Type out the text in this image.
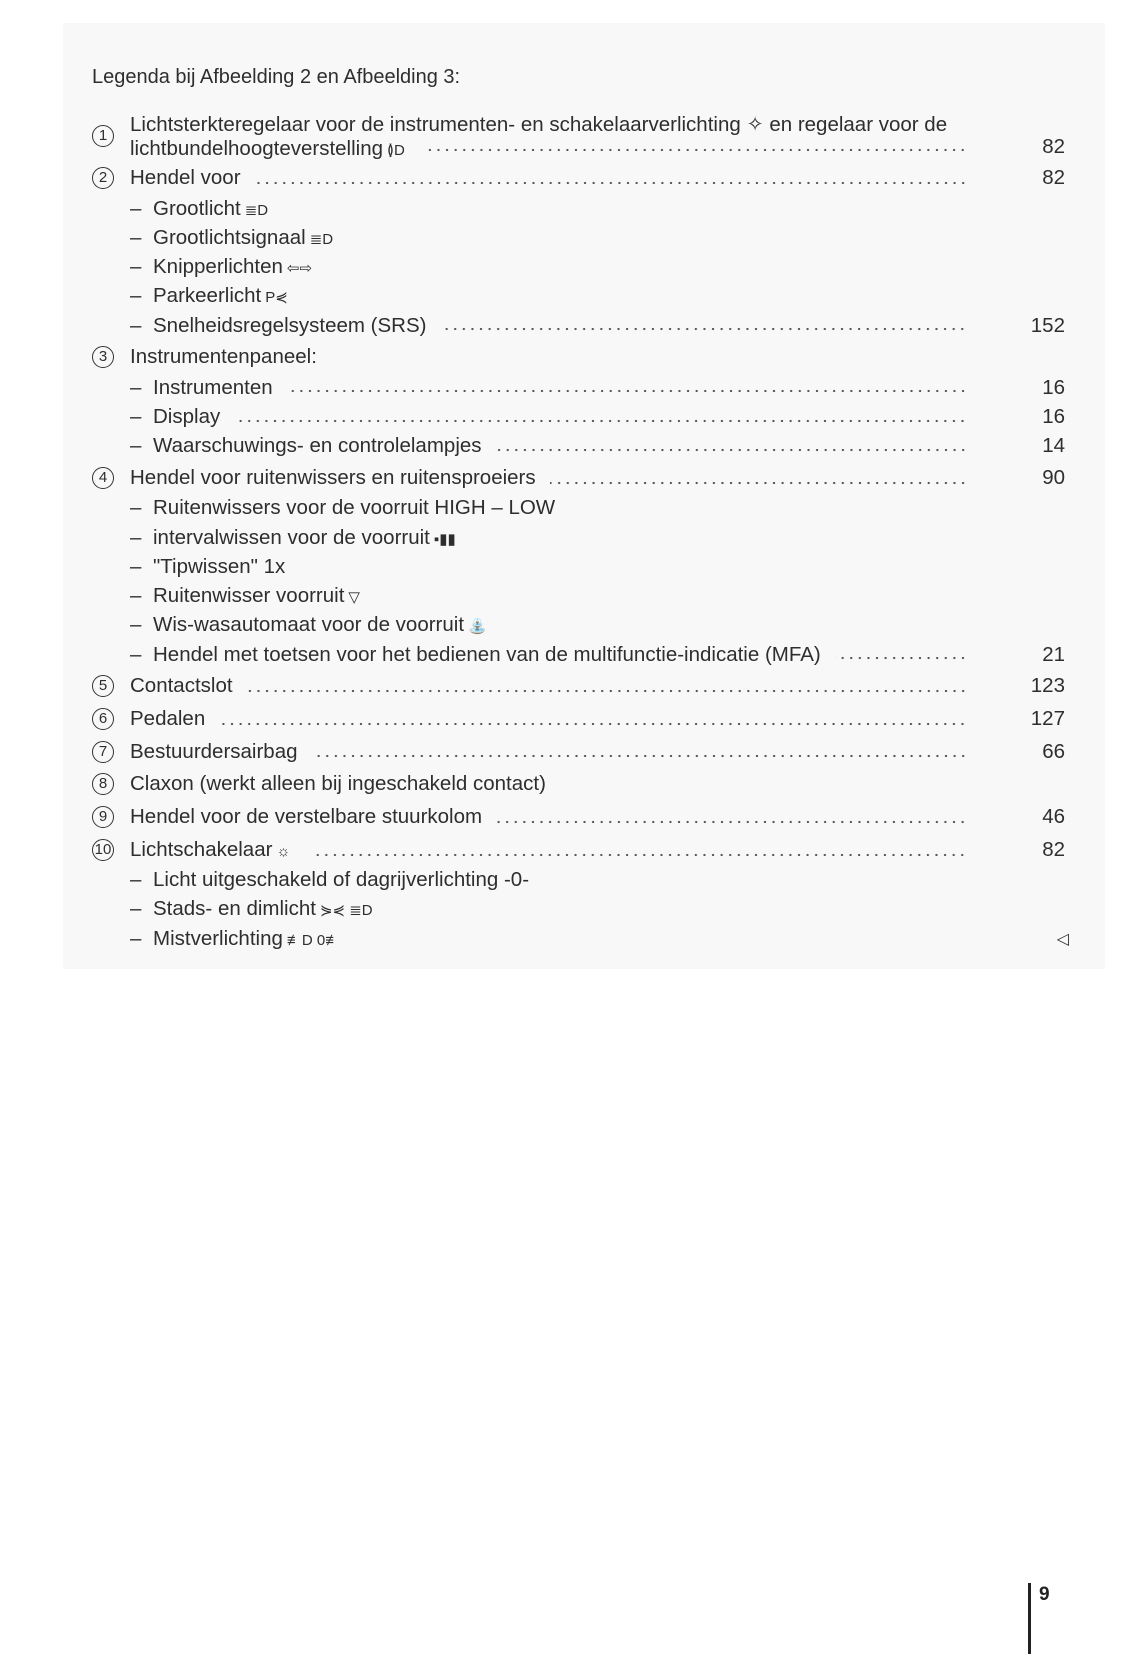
Legenda bij Afbeelding 2 en Afbeelding 3:
1	Lichtsterkteregelaar voor de instrumenten- en schakelaarverlichting ✧ en regelaar voor de
lichtbundelhoogteverstelling ≬D	82
2	Hendel voor	82
– Grootlicht ≣D
– Grootlichtsignaal ≣D
– Knipperlichten ⇦⇨
– Parkeerlicht P⋞
– Snelheidsregelsysteem (SRS)	152
3	Instrumentenpaneel:
– Instrumenten	16
– Display	16
– Waarschuwings- en controlelampjes	14
4	Hendel voor ruitenwissers en ruitensproeiers	90
– Ruitenwissers voor de voorruit HIGH – LOW
– intervalwissen voor de voorruit ▪▮▮
– "Tipwissen" 1x
– Ruitenwisser voorruit ▽
– Wis-wasautomaat voor de voorruit ⛲
– Hendel met toetsen voor het bedienen van de multifunctie-indicatie (MFA)	21
5	Contactslot	123
6	Pedalen	127
7	Bestuurdersairbag	66
8	Claxon (werkt alleen bij ingeschakeld contact)
9	Hendel voor de verstelbare stuurkolom	46
10 Lichtschakelaar ☼	82
– Licht uitgeschakeld of dagrijverlichting -0-
– Stads- en dimlicht ⋟⋞ ≣D
– Mistverlichting ≢D 0≢	◁
9
